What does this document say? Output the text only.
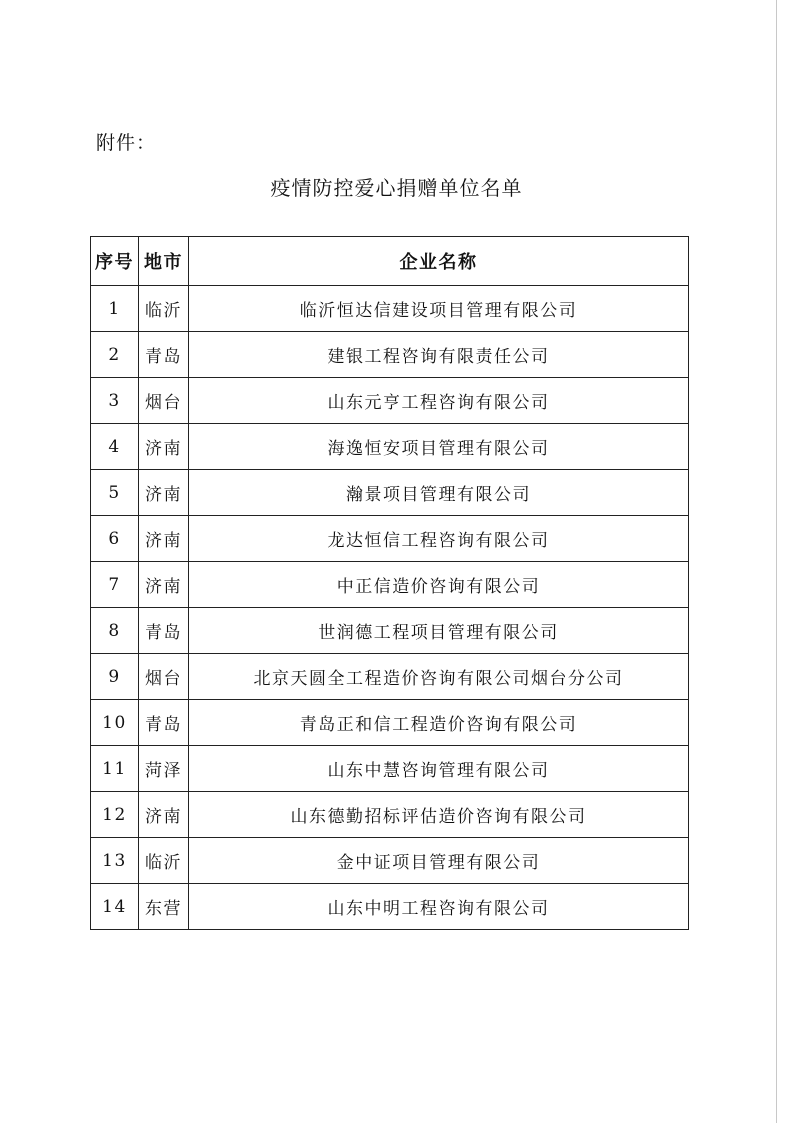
附件：
疫情防控爱心捐赠单位名单
序号	地市	企业名称
1	临沂	临沂恒达信建设项目管理有限公司
2	青岛	建银工程咨询有限责任公司
3	烟台	山东元亨工程咨询有限公司
4	济南	海逸恒安项目管理有限公司
5	济南	瀚景项目管理有限公司
6	济南	龙达恒信工程咨询有限公司
7	济南	中正信造价咨询有限公司
8	青岛	世润德工程项目管理有限公司
9	烟台	北京天圆全工程造价咨询有限公司烟台分公司
10	青岛	青岛正和信工程造价咨询有限公司
11	菏泽	山东中慧咨询管理有限公司
12	济南	山东德勤招标评估造价咨询有限公司
13	临沂	金中证项目管理有限公司
14	东营	山东中明工程咨询有限公司
